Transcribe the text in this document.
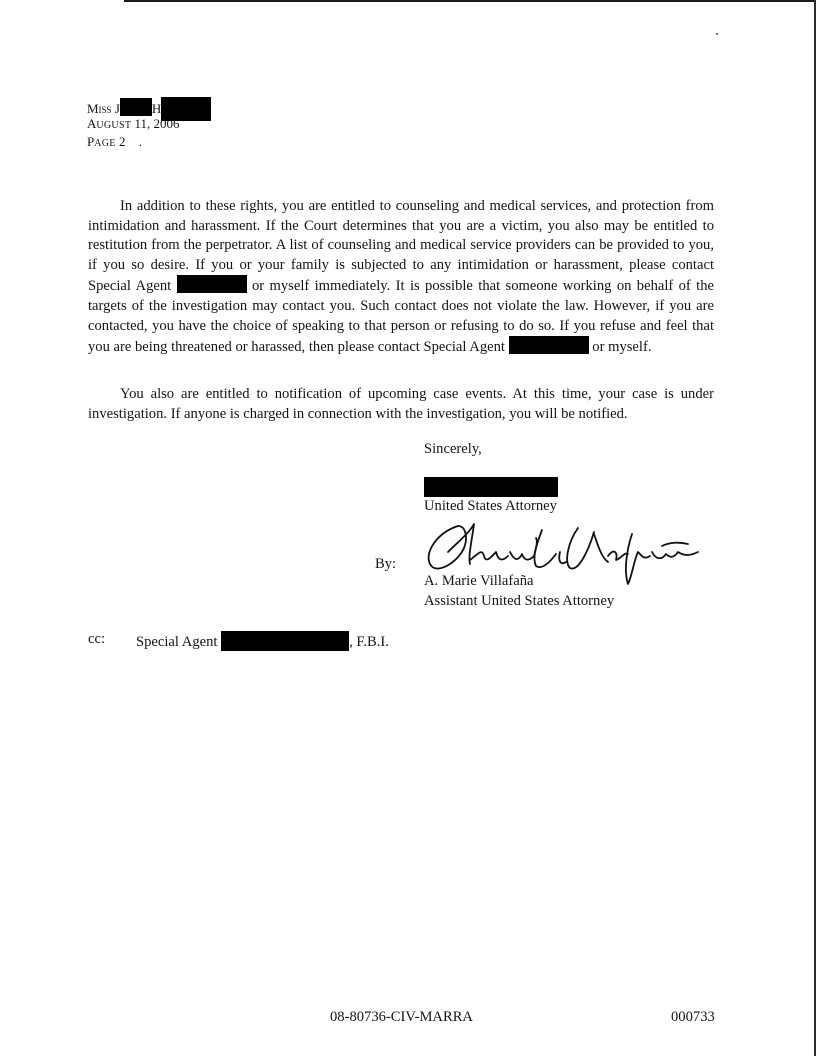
Miss J H
AUGUST 11, 2006
PAGE 2 .

In addition to these rights, you are entitled to counseling and medical services, and protection from intimidation and harassment. If the Court determines that you are a victim, you also may be entitled to restitution from the perpetrator. A list of counseling and medical service providers can be provided to you, if you so desire. If you or your family is subjected to any intimidation or harassment, please contact Special Agent	or myself immediately. It is possible that someone working on behalf of the targets of the investigation may contact you. Such contact does not violate the law. However, if you are contacted, you have the choice of speaking to that person or refusing to do so. If you refuse and feel that you are being threatened or harassed, then please contact Special Agent	or myself.

You also are entitled to notification of upcoming case events. At this time, your case is under investigation. If anyone is charged in connection with the investigation, you will be notified.

Sincerely,
United States Attorney
By:
A. Marie Villafaña
Assistant United States Attorney
cc: Special Agent	, F.B.I.
08-80736-CIV-MARRA	000733
